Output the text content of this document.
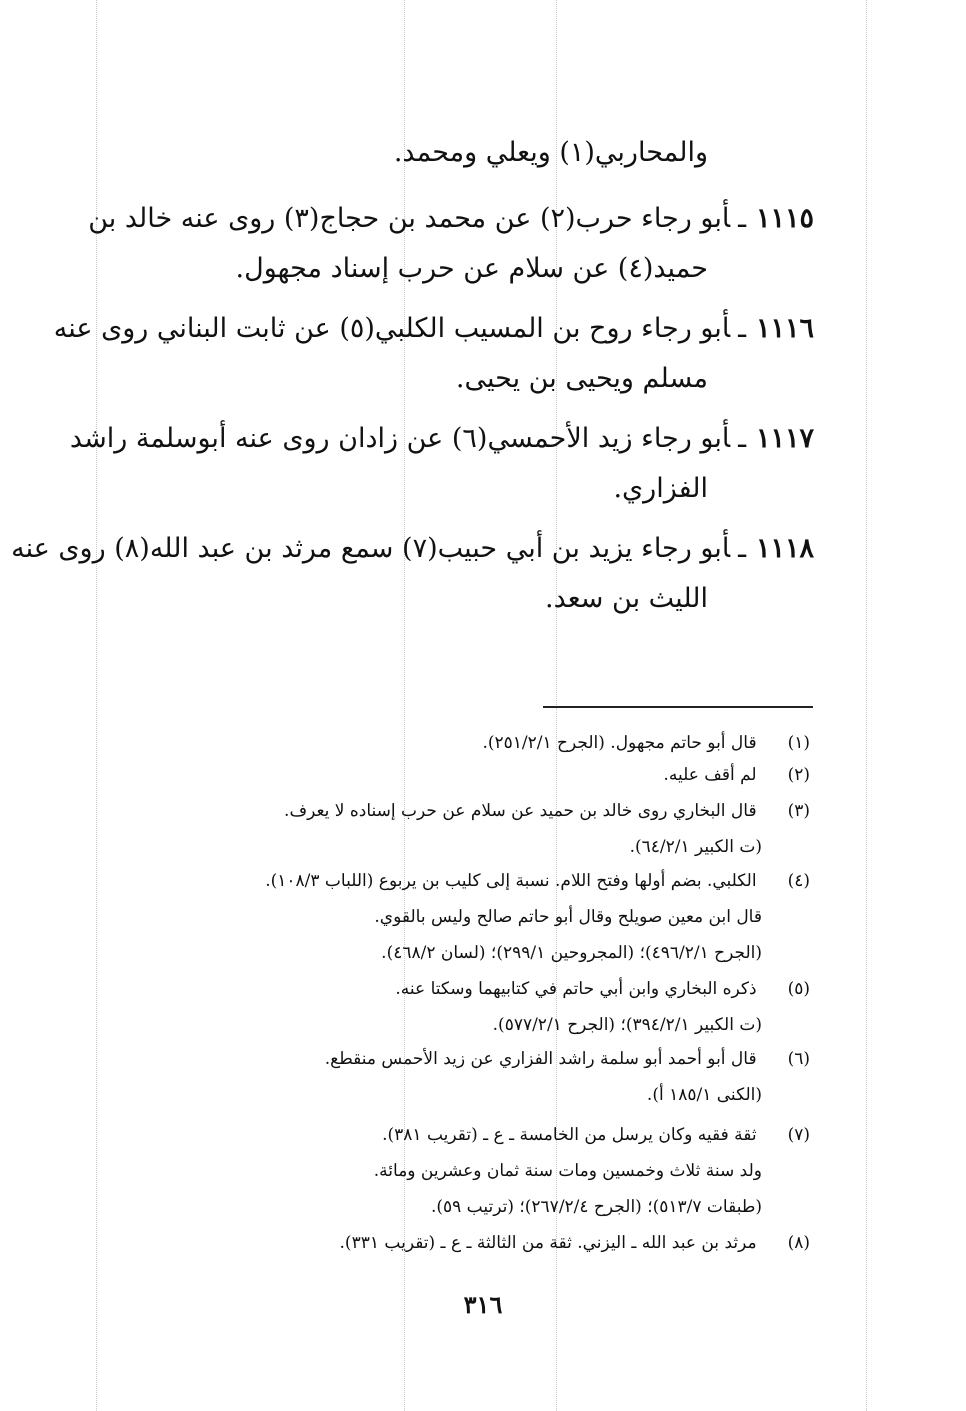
والمحاربي(١) ويعلي ومحمد.
١١١٥ـأبو رجاء حرب(٢) عن محمد بن حجاج(٣) روى عنه خالد بن
حميد(٤) عن سلام عن حرب إسناد مجهول.
١١١٦ـأبو رجاء روح بن المسيب الكلبي(٥) عن ثابت البناني روى عنه
مسلم ويحيى بن يحيى.
١١١٧ـأبو رجاء زيد الأحمسي(٦) عن زادان روى عنه أبوسلمة راشد
الفزاري.
١١١٨ـأبو رجاء يزيد بن أبي حبيب(٧) سمع مرثد بن عبد الله(٨) روى عنه
الليث بن سعد.
(١) قال أبو حاتم مجهول. (الجرح ٢٥١/٢/١).
(٢) لم أقف عليه.
(٣) قال البخاري روى خالد بن حميد عن سلام عن حرب إسناده لا يعرف.
(ت الكبير ٦٤/٢/١).
(٤) الكلبي. بضم أولها وفتح اللام. نسبة إلى كليب بن يربوع (اللباب ١٠٨/٣).
قال ابن معين صويلح وقال أبو حاتم صالح وليس بالقوي.
(الجرح ٤٩٦/٢/١)؛ (المجروحين ٢٩٩/١)؛ (لسان ٤٦٨/٢).
(٥) ذكره البخاري وابن أبي حاتم في كتابيهما وسكتا عنه.
(ت الكبير ٣٩٤/٢/١)؛ (الجرح ٥٧٧/٢/١).
(٦) قال أبو أحمد أبو سلمة راشد الفزاري عن زيد الأحمس منقطع.
(الكنى ١٨٥/١ أ).
(٧) ثقة فقيه وكان يرسل من الخامسة ـ ع ـ (تقريب ٣٨١).
ولد سنة ثلاث وخمسين ومات سنة ثمان وعشرين ومائة.
(طبقات ٥١٣/٧)؛ (الجرح ٢٦٧/٢/٤)؛ (ترتيب ٥٩).
(٨) مرثد بن عبد الله ـ اليزني. ثقة من الثالثة ـ ع ـ (تقريب ٣٣١).
٣١٦
